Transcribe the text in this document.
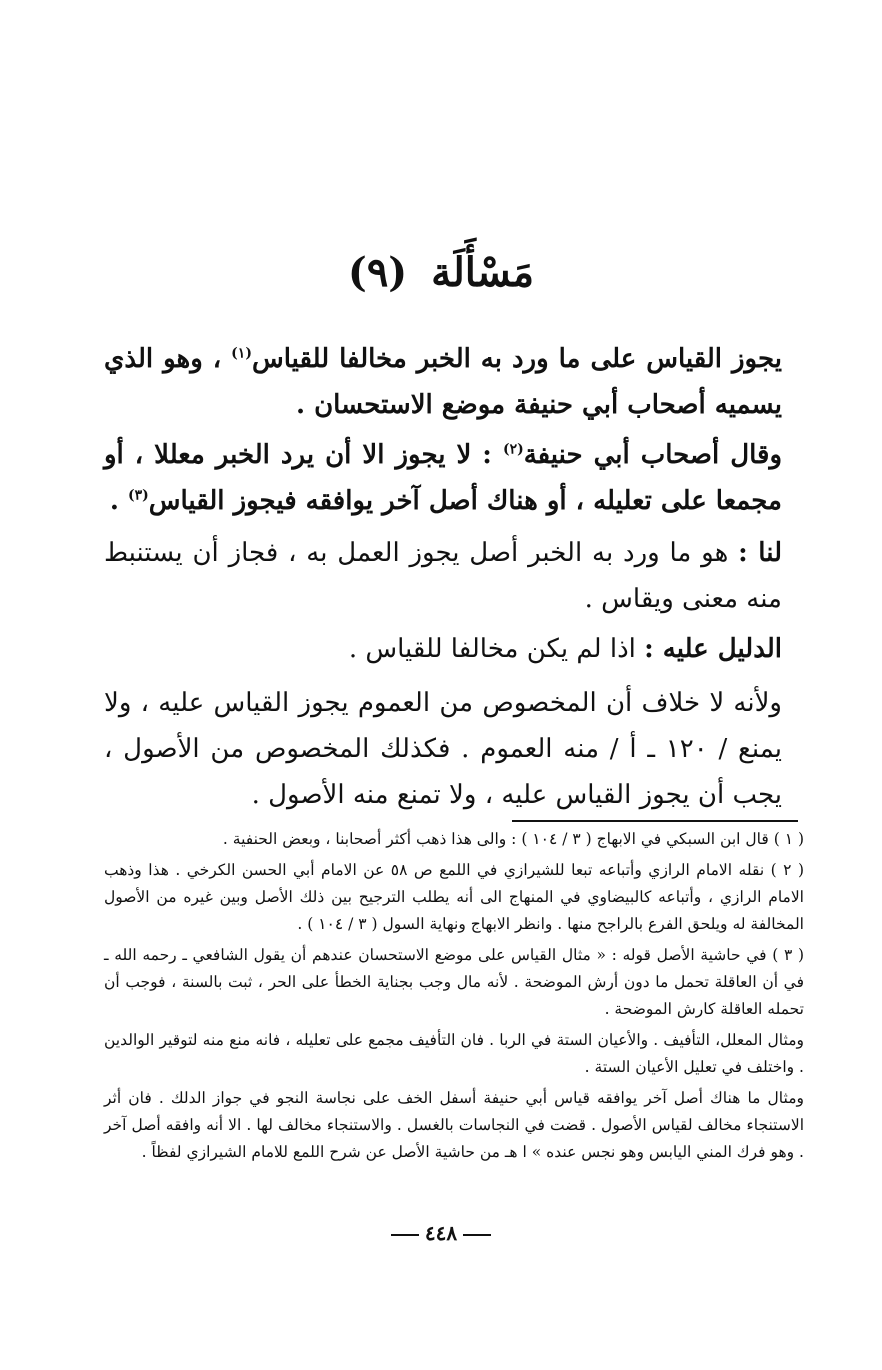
مَسْأَلَة (٩)
يجوز القياس على ما ورد به الخبر مخالفا للقياس$^{(١)}$ ، وهو الذي يسميه أصحاب أبي حنيفة موضع الاستحسان .
وقال أصحاب أبي حنيفة$^{(٢)}$ : لا يجوز الا أن يرد الخبر معللا ، أو مجمعا على تعليله ، أو هناك أصل آخر يوافقه فيجوز القياس$^{(٣)}$ .
لنا : هو ما ورد به الخبر أصل يجوز العمل به ، فجاز أن يستنبط منه معنى ويقاس .
الدليل عليه : اذا لم يكن مخالفا للقياس .
ولأنه لا خلاف أن المخصوص من العموم يجوز القياس عليه ، ولا يمنع / ١٢٠ ـ أ / منه العموم . فكذلك المخصوص من الأصول ، يجب أن يجوز القياس عليه ، ولا تمنع منه الأصول .

( ١ ) قال ابن السبكي في الابهاج ( ٣ / ١٠٤ ) : والى هذا ذهب أكثر أصحابنا ، وبعض الحنفية .

( ٢ ) نقله الامام الرازي وأتباعه تبعا للشيرازي في اللمع ص ٥٨ عن الامام أبي الحسن الكرخي . هذا وذهب الامام الرازي ، وأتباعه كالبيضاوي في المنهاج الى أنه يطلب الترجيح بين ذلك الأصل وبين غيره من الأصول المخالفة له ويلحق الفرع بالراجح منها . وانظر الابهاج ونهاية السول ( ٣ / ١٠٤ ) .

( ٣ ) في حاشية الأصل قوله : « مثال القياس على موضع الاستحسان عندهم أن يقول الشافعي ـ رحمه الله ـ في أن العاقلة تحمل ما دون أرش الموضحة . لأنه مال وجب بجناية الخطأ على الحر ، ثبت بالسنة ، فوجب أن تحمله العاقلة كارش الموضحة .

ومثال المعلل، التأفيف . والأعيان الستة في الربا . فان التأفيف مجمع على تعليله ، فانه منع منه لتوقير الوالدين . واختلف في تعليل الأعيان الستة .

ومثال ما هناك أصل آخر يوافقه قياس أبي حنيفة أسفل الخف على نجاسة النجو في جواز الدلك . فان أثر الاستنجاء مخالف لقياس الأصول . قضت في النجاسات بالغسل . والاستنجاء مخالف لها . الا أنه وافقه أصل آخر . وهو فرك المني اليابس وهو نجس عنده » ا هـ من حاشية الأصل عن شرح اللمع للامام الشيرازي لفظاً .

٤٤٨
